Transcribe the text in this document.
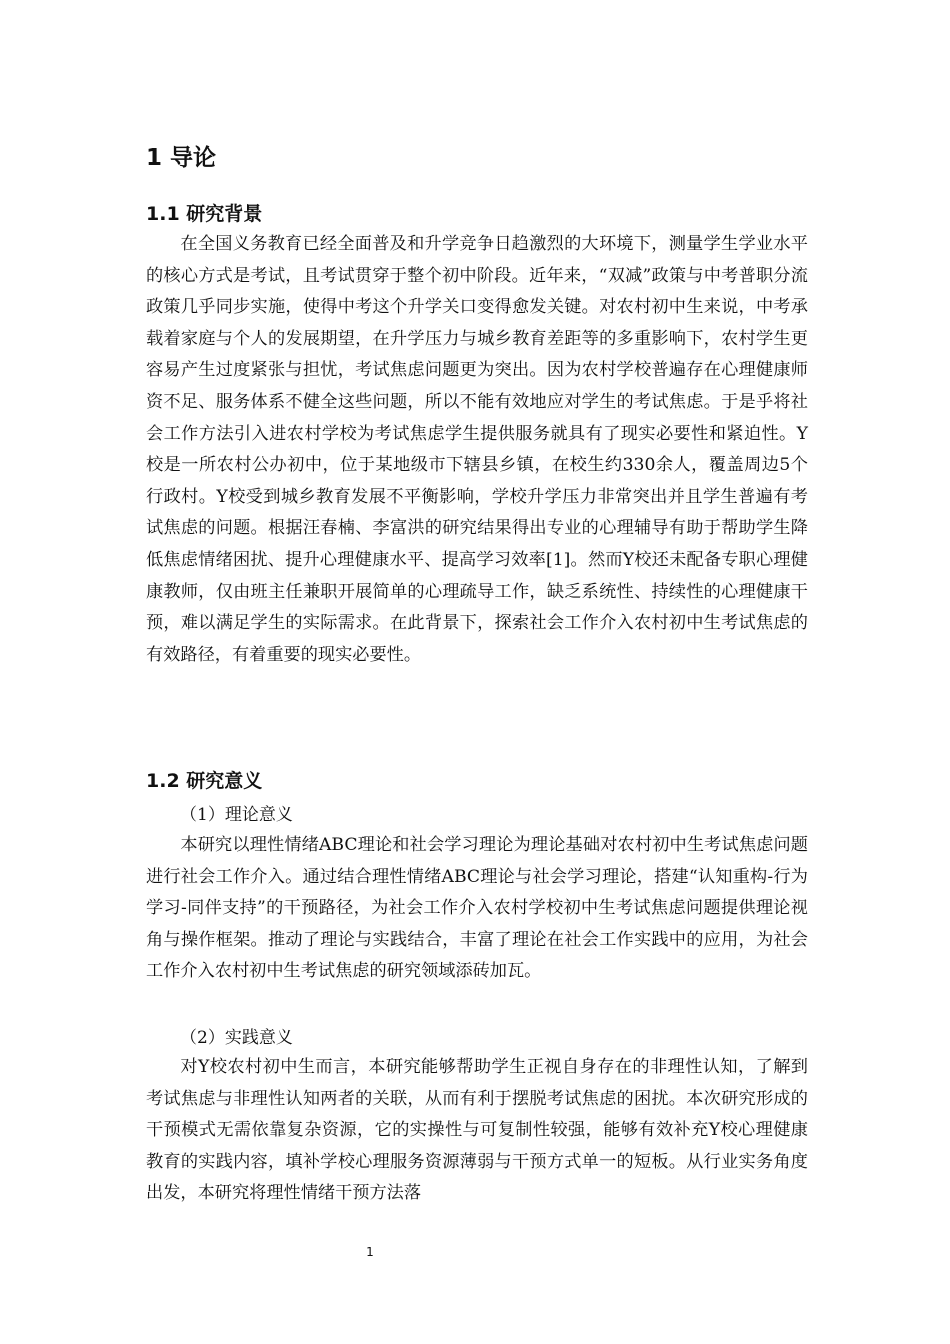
1 导论
1.1 研究背景

在全国义务教育已经全面普及和升学竞争日趋激烈的大环境下，测量学生学业水平的核心方式是考试，且考试贯穿于整个初中阶段。近年来，“双减”政策与中考普职分流政策几乎同步实施，使得中考这个升学关口变得愈发关键。对农村初中生来说，中考承载着家庭与个人的发展期望，在升学压力与城乡教育差距等的多重影响下，农村学生更容易产生过度紧张与担忧，考试焦虑问题更为突出。因为农村学校普遍存在心理健康师资不足、服务体系不健全这些问题，所以不能有效地应对学生的考试焦虑。于是乎将社会工作方法引入进农村学校为考试焦虑学生提供服务就具有了现实必要性和紧迫性。Y校是一所农村公办初中，位于某地级市下辖县乡镇，在校生约330余人，覆盖周边5个行政村。Y校受到城乡教育发展不平衡影响，学校升学压力非常突出并且学生普遍有考试焦虑的问题。根据汪春楠、李富洪的研究结果得出专业的心理辅导有助于帮助学生降低焦虑情绪困扰、提升心理健康水平、提高学习效率[1]。然而Y校还未配备专职心理健康教师，仅由班主任兼职开展简单的心理疏导工作，缺乏系统性、持续性的心理健康干预，难以满足学生的实际需求。在此背景下，探索社会工作介入农村初中生考试焦虑的有效路径，有着重要的现实必要性。

1.2 研究意义

（1）理论意义

本研究以理性情绪ABC理论和社会学习理论为理论基础对农村初中生考试焦虑问题进行社会工作介入。通过结合理性情绪ABC理论与社会学习理论，搭建“认知重构-行为学习-同伴支持”的干预路径，为社会工作介入农村学校初中生考试焦虑问题提供理论视角与操作框架。推动了理论与实践结合，丰富了理论在社会工作实践中的应用，为社会工作介入农村初中生考试焦虑的研究领域添砖加瓦。

（2）实践意义

对Y校农村初中生而言，本研究能够帮助学生正视自身存在的非理性认知，了解到考试焦虑与非理性认知两者的关联，从而有利于摆脱考试焦虑的困扰。本次研究形成的干预模式无需依靠复杂资源，它的实操性与可复制性较强，能够有效补充Y校心理健康教育的实践内容，填补学校心理服务资源薄弱与干预方式单一的短板。从行业实务角度出发，本研究将理性情绪干预方法落

1
